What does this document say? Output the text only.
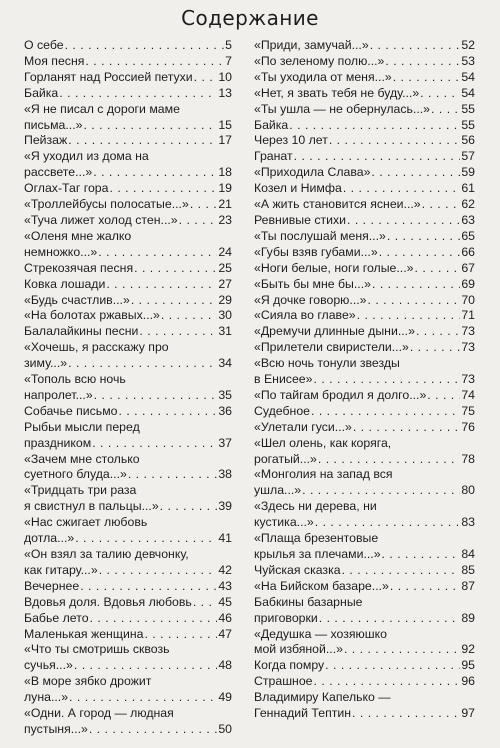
Содержание
О себе . . .	5
Моя песня . . .	7
Горланят над Россией петухи . . . 10
Байка . . .	13
«Я не писал с дороги маме
письма...» . . .	15
Пейзаж . . .	17
«Я уходил из дома на
рассвете...» . . .	18
Оглах-Таг гора . . .	19
«Троллейбусы полосатые...» . . . 21
«Туча лижет холод стен...» . . .	23
«Оленя мне жалко
немножко...» . . .	24
Стрекозячая песня . . .	25
Ковка лошади . . .	27
«Будь счастлив...» . . .	29
«На болотах ржавых...» . . .	30
Балалайкины песни . . .	31
«Хочешь, я расскажу про
зиму...» . . .	34
«Тополь всю ночь
напролет...» . . .	35
Собачье письмо . . .	36
Рыбьи мысли перед
праздником . . .	37
«Зачем мне столько
суетного блуда...» . . .	38
«Тридцать три раза
я свистнул в пальцы...» . . .	39
«Нас сжигает любовь
дотла...» . . .	41
«Он взял за талию девчонку,
как гитару...» . . .	42
Вечернее . . .	43
Вдовья доля. Вдовья любовь . . . 45
Бабье лето . . .	46
Маленькая женщина . . .	47
«Что ты смотришь сквозь
сучья...» . . .	48
«В море зябко дрожит
луна...» . . .	49
«Одни. А город — людная
пустыня...» . . .	50
«Приди, замучай...» . . .	52
«По зеленому полю...» . . .	53
«Ты уходила от меня...» . . .	54
«Нет, я звать тебя не буду...» . . .	54
«Ты ушла — не обернулась...» . . .	55
Байка . . .	55
Через 10 лет . . .	56
Гранат . . .	57
«Приходила Слава» . . .	59
Козел и Нимфа . . .	61
«А жить становится яснеи...» . . .	62
Ревнивые стихи . . .	63
«Ты послушай меня...» . . .	65
«Губы взяв губами...» . . .	66
«Ноги белые, ноги голые...» . . .	67
«Быть бы мне бы...» . . .	69
«Я дочке говорю...» . . .	70
«Сияла во главе» . . .	71
«Дремучи длинные дыни...» . . .	73
«Прилетели свиристели...» . . .	73
«Всю ночь тонули звезды
в Енисее» . . .	73
«По тайгам бродил я долго...» . . .	74
Судебное . . .	75
«Улетали гуси...» . . .	76
«Шел олень, как коряга,
рогатый...» . . .	78
«Монголия на запад вся
ушла...» . . .	80
«Здесь ни дерева, ни
кустика...» . . .	83
«Плаща брезентовые
крылья за плечами...» . . .	84
Чуйская сказка . . .	85
«На Бийском базаре...» . . .	87
Бабкины базарные
приговорки . . .	89
«Дедушка — хозяюшко
мой избяной...» . . .	92
Когда помру . . .	95
Страшное . . .	96
Владимиру Капелько —
Геннадий Тептин . . .	97
